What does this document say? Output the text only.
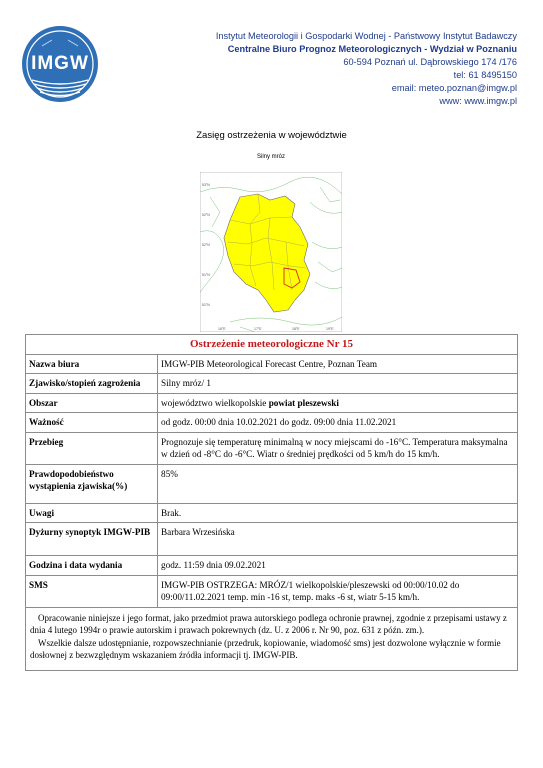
IMGW
Instytut Meteorologii i Gospodarki Wodnej - Państwowy Instytut Badawczy
Centralne Biuro Prognoz Meteorologicznych - Wydział w Poznaniu
60-594 Poznań ul. Dąbrowskiego 174 /176
tel: 61 8495150
email: meteo.poznan@imgw.pl
www: www.imgw.pl
Zasięg ostrzeżenia w województwie
Silny mróz
53°N
52°N
52°N
51°N
51°N
16°E	17°E	18°E	19°E
Ostrzeżenie meteorologiczne Nr 15	
Nazwa biura	IMGW-PIB Meteorological Forecast Centre, Poznan Team
Zjawisko/stopień zagrożenia	Silny mróz/ 1
Obszar	województwo wielkopolskie powiat pleszewski
Ważność	od godz. 00:00 dnia 10.02.2021 do godz. 09:00 dnia 11.02.2021
Przebieg	Prognozuje się temperaturę minimalną w nocy miejscami do -16°C. Temperatura maksymalna w dzień od -8°C do -6°C. Wiatr o średniej prędkości od 5 km/h do 15 km/h.
Prawdopodobieństwo wystąpienia zjawiska(%)	85%
Uwagi	Brak.
Dyżurny synoptyk IMGW-PIB	Barbara Wrzesińska
Godzina i data wydania	godz. 11:59 dnia 09.02.2021
SMS	IMGW-PIB OSTRZEGA: MRÓZ/1 wielkopolskie/pleszewski od 00:00/10.02 do 09:00/11.02.2021 temp. min -16 st, temp. maks -6 st, wiatr 5-15 km/h.

Opracowanie niniejsze i jego format, jako przedmiot prawa autorskiego podlega ochronie prawnej, zgodnie z przepisami ustawy z dnia 4 lutego 1994r o prawie autorskim i prawach pokrewnych (dz. U. z 2006 r. Nr 90, poz. 631 z późn. zm.).

Wszelkie dalsze udostępnianie, rozpowszechnianie (przedruk, kopiowanie, wiadomość sms) jest dozwolone wyłącznie w formie dosłownej z bezwzględnym wskazaniem źródła informacji tj. IMGW-PIB.	
